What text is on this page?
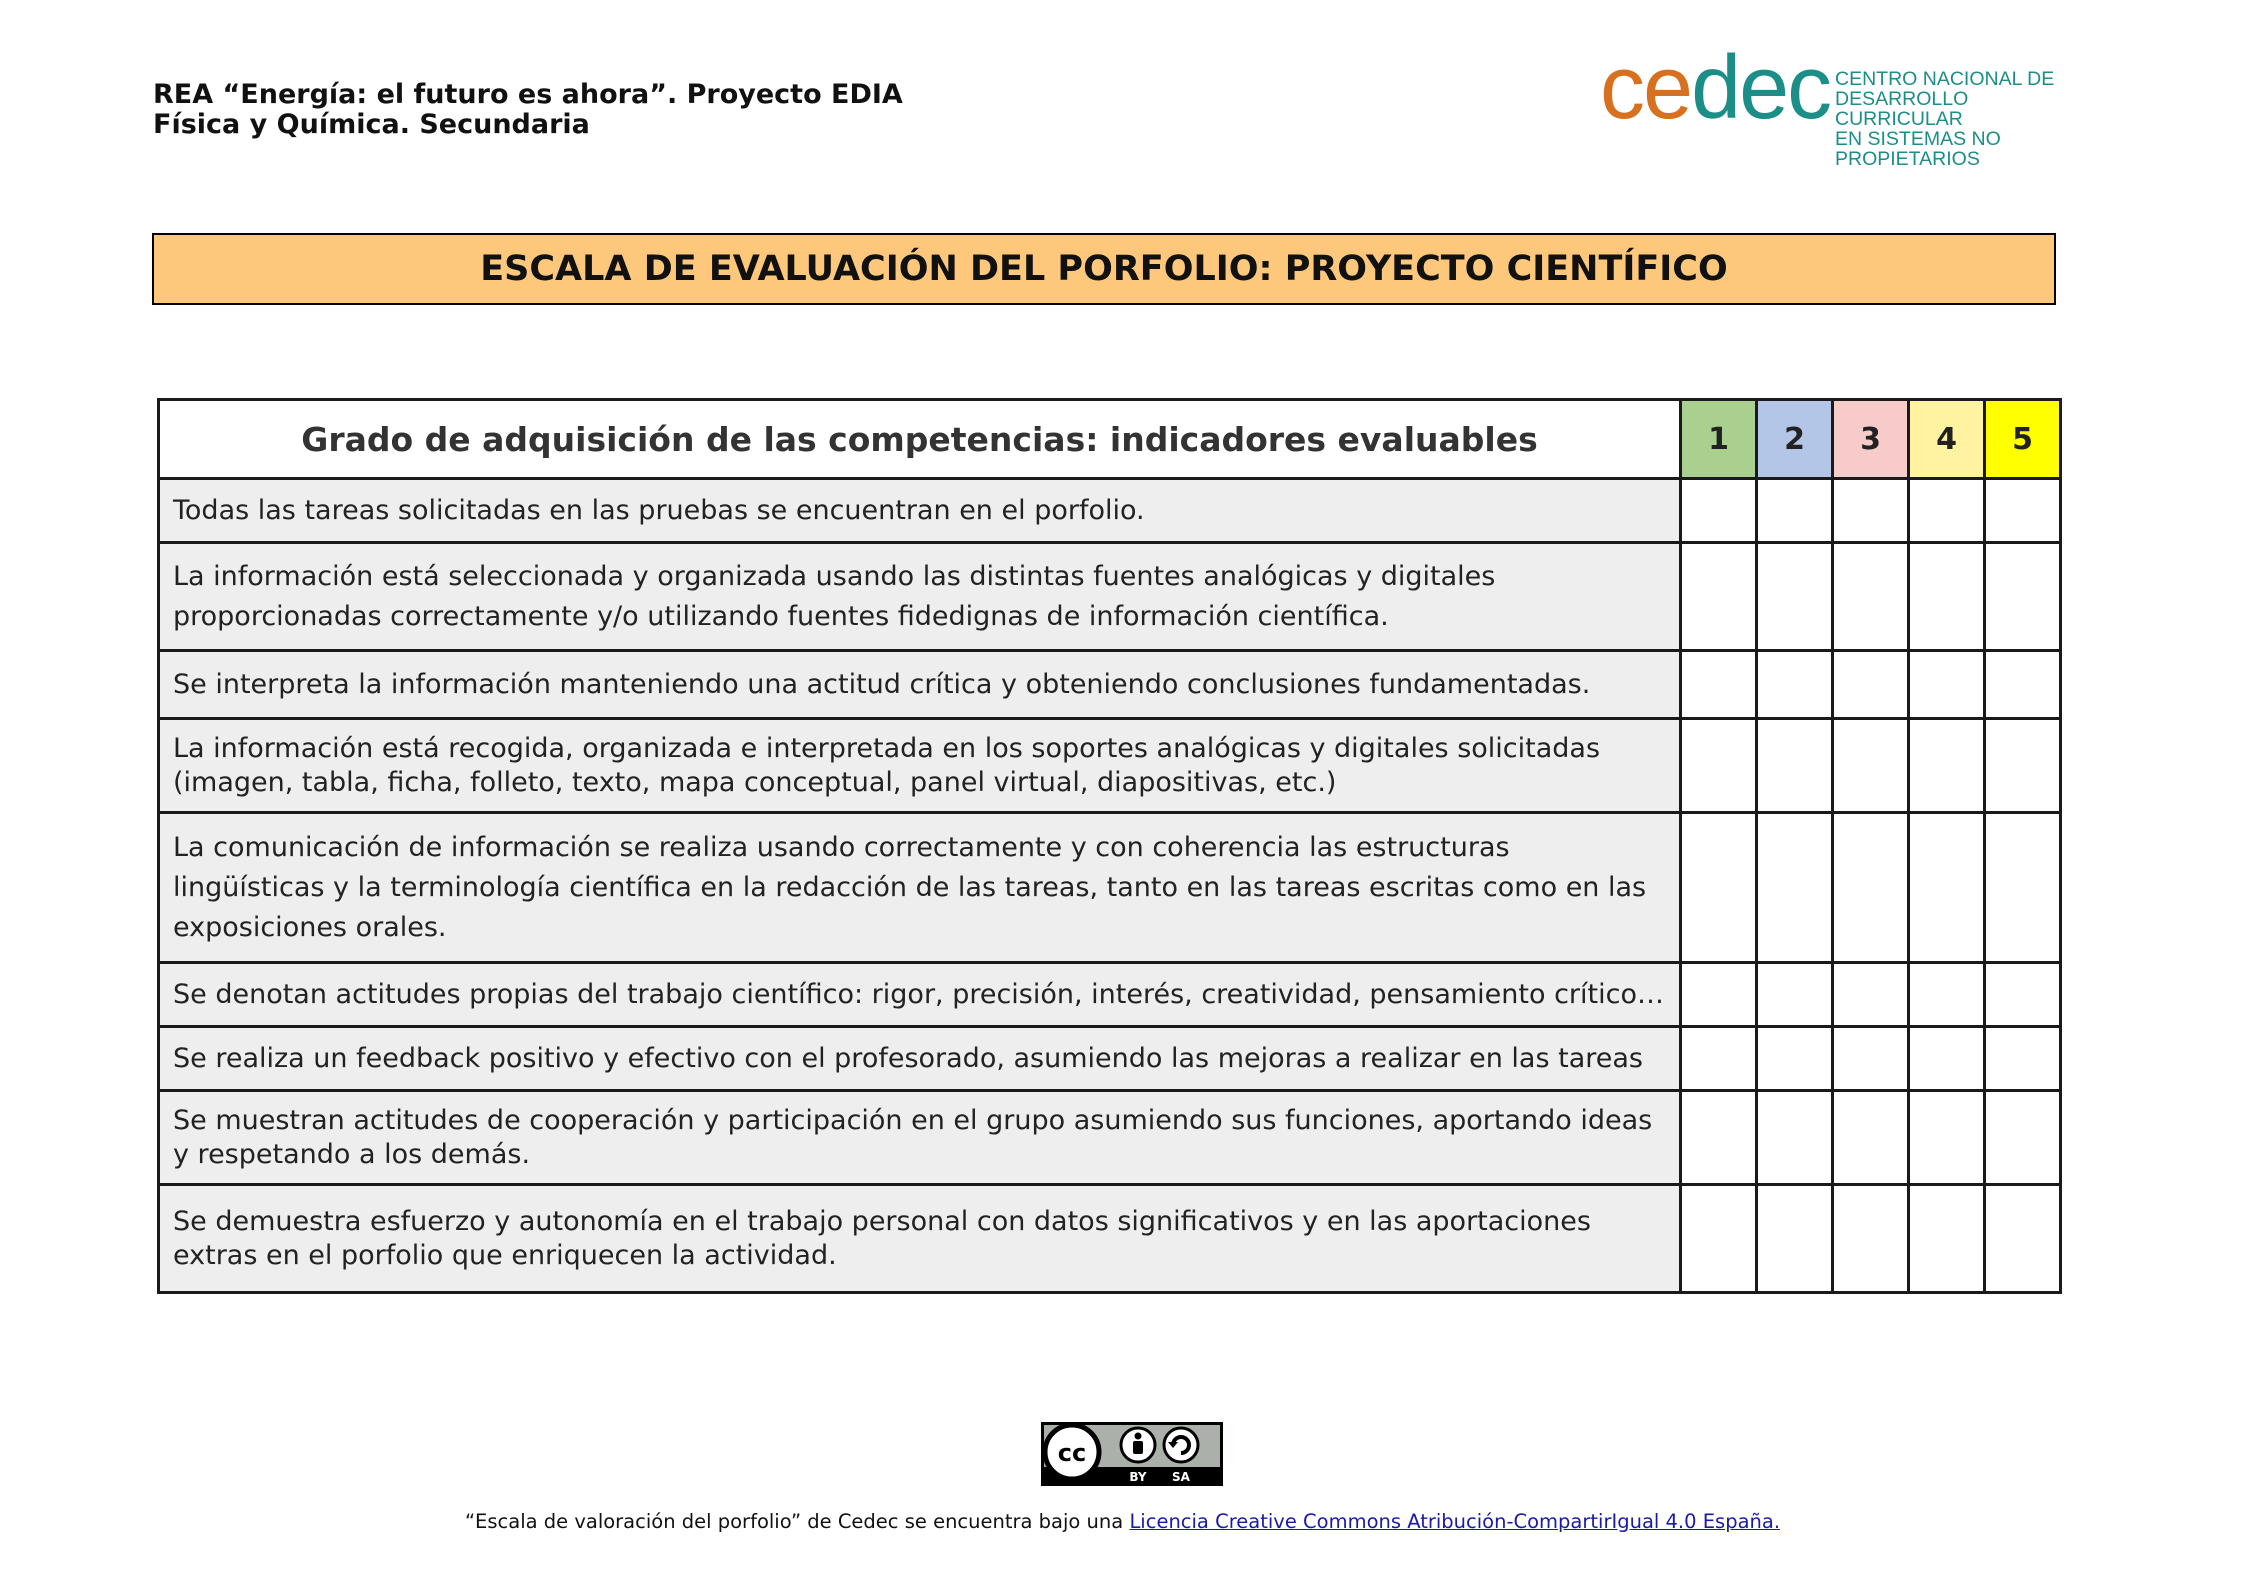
REA “Energía: el futuro es ahora”. Proyecto EDIA
Física y Química. Secundaria	cedec CENTRO NACIONAL DE
DESARROLLO CURRICULAR
EN SISTEMAS NO PROPIETARIOS
ESCALA DE EVALUACIÓN DEL PORFOLIO: PROYECTO CIENTÍFICO
Grado de adquisición de las competencias: indicadores evaluables	1	2	3	4	5
Todas las tareas solicitadas en las pruebas se encuentran en el porfolio.					
La información está seleccionada y organizada usando las distintas fuentes analógicas y digitales proporcionadas correctamente y/o utilizando fuentes fidedignas de información científica.					
Se interpreta la información manteniendo una actitud crítica y obteniendo conclusiones fundamentadas.					
La información está recogida, organizada e interpretada en los soportes analógicas y digitales solicitadas (imagen, tabla, ficha, folleto, texto, mapa conceptual, panel virtual, diapositivas, etc.)					
La comunicación de información se realiza usando correctamente y con coherencia las estructuras lingüísticas y la terminología científica en la redacción de las tareas, tanto en las tareas escritas como en las exposiciones orales.					
Se denotan actitudes propias del trabajo científico: rigor, precisión, interés, creatividad, pensamiento crítico…					
Se realiza un feedback positivo y efectivo con el profesorado, asumiendo las mejoras a realizar en las tareas					
Se muestran actitudes de cooperación y participación en el grupo asumiendo sus funciones, aportando ideas y respetando a los demás.					
Se demuestra esfuerzo y autonomía en el trabajo personal con datos significativos y en las aportaciones extras en el porfolio que enriquecen la actividad.					
cc
BY SA
“Escala de valoración del porfolio” de Cedec se encuentra bajo una Licencia Creative Commons Atribución-CompartirIgual 4.0 España.
